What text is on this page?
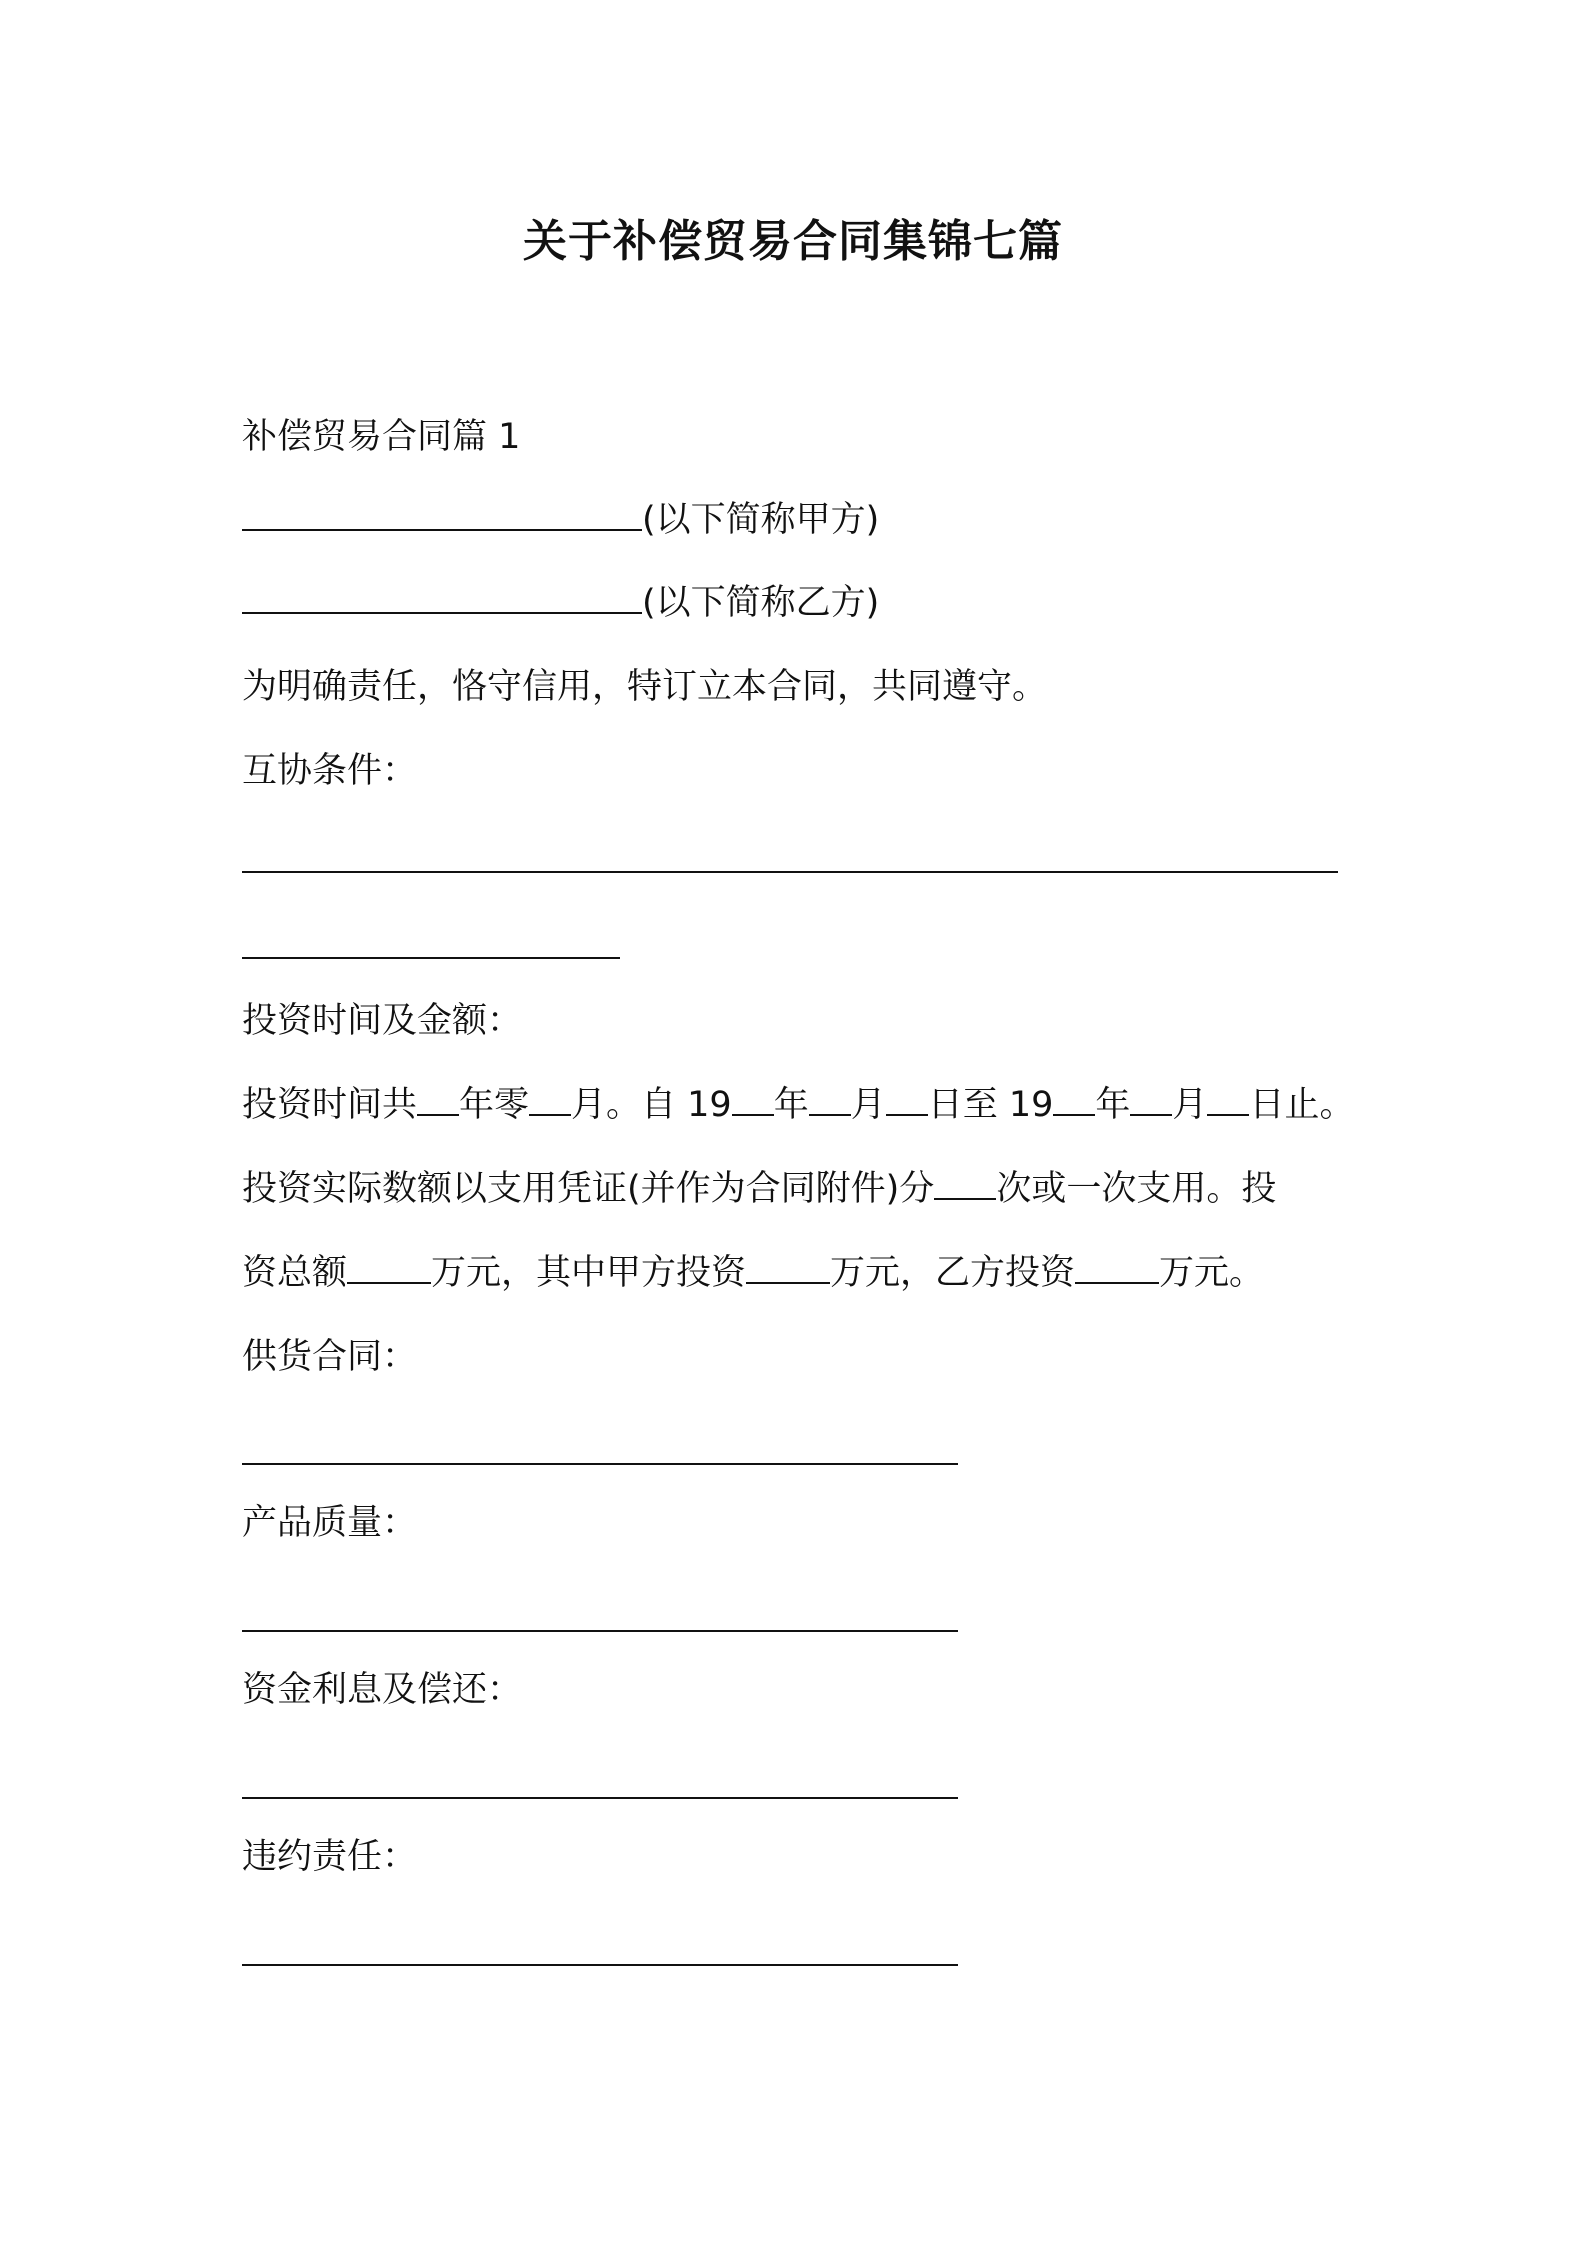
关于补偿贸易合同集锦七篇
补偿贸易合同篇 1
(以下简称甲方)
(以下简称乙方)
为明确责任，恪守信用，特订立本合同，共同遵守。
互协条件：
投资时间及金额：
投资时间共 年零 月。自 19 年 月 日至 19 年 月 日止。
投资实际数额以支用凭证(并作为合同附件)分 次或一次支用。投
资总额 万元，其中甲方投资 万元，乙方投资 万元。
供货合同：
产品质量：
资金利息及偿还：
违约责任：
